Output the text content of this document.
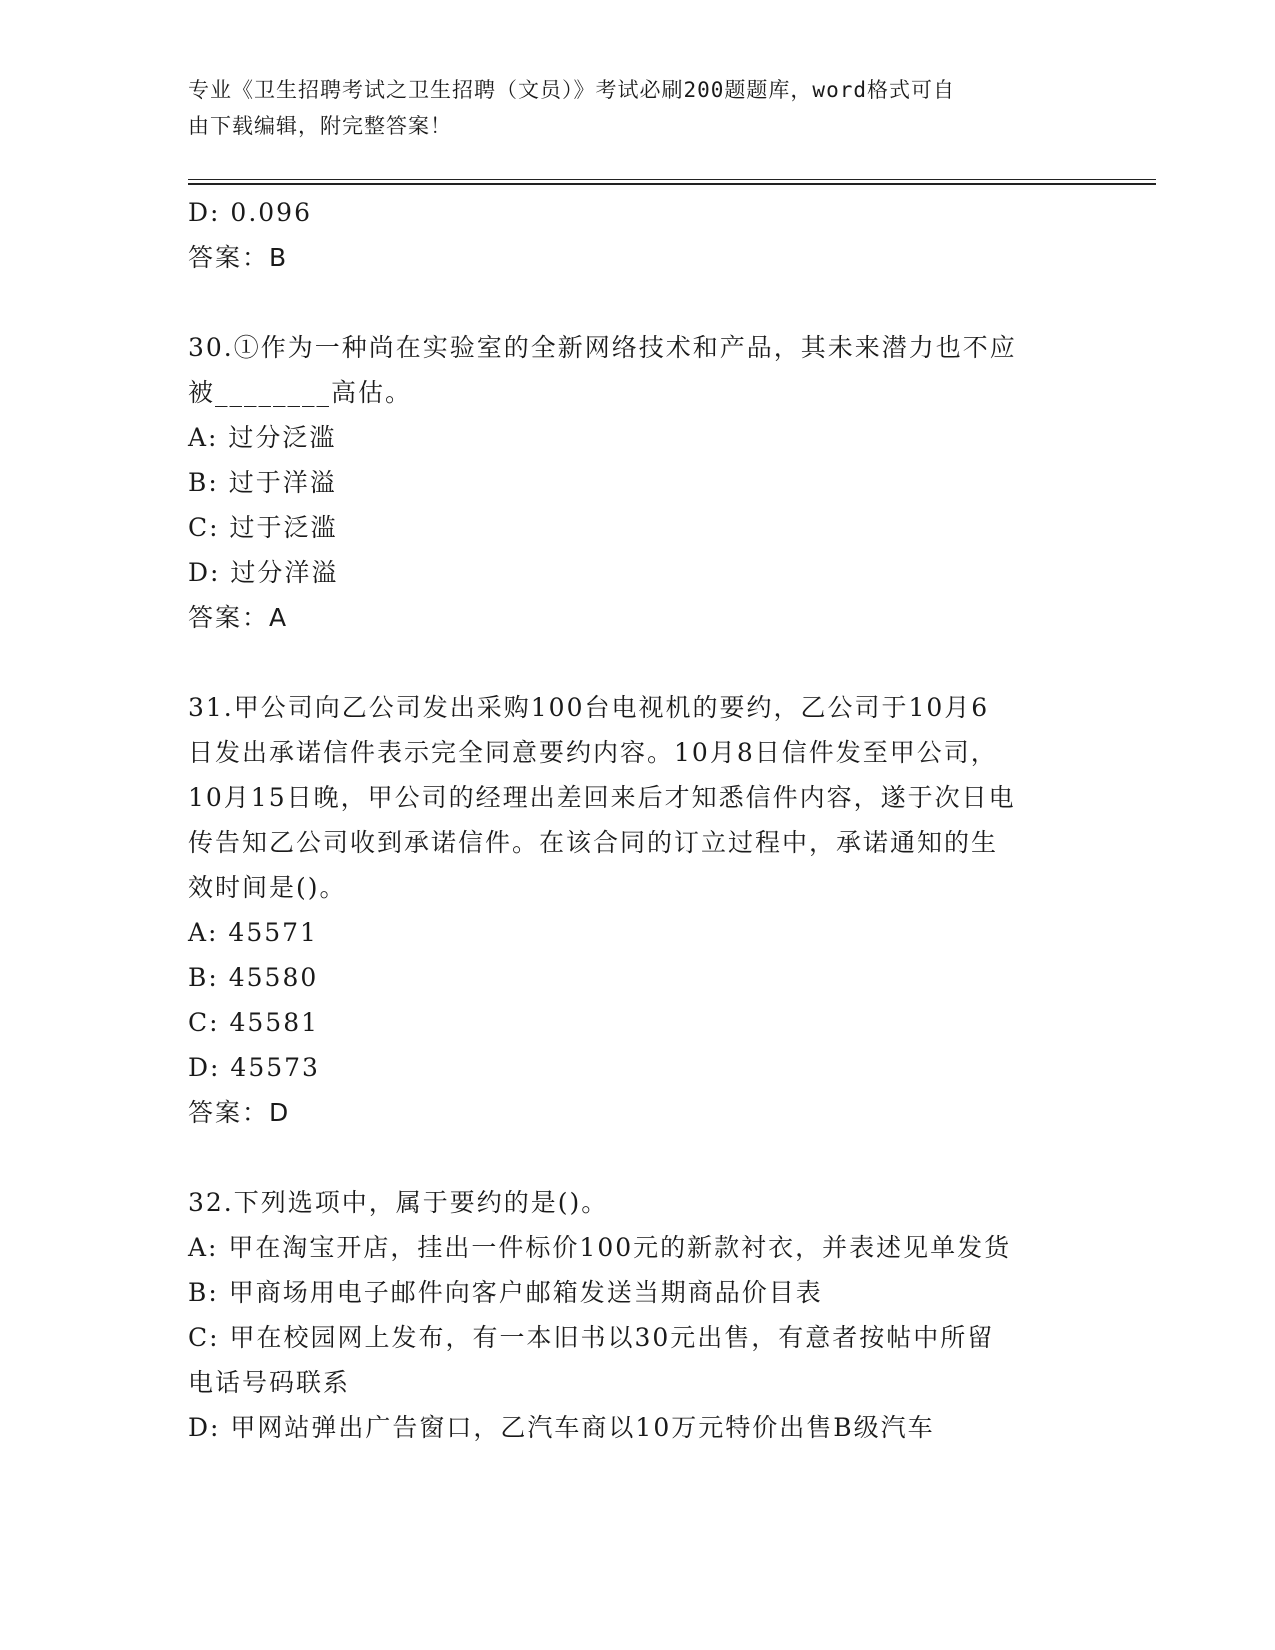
专业《卫生招聘考试之卫生招聘（文员）》考试必刷200题题库，word格式可自
由下载编辑，附完整答案！
D: 0.096
答案：B
30.①作为一种尚在实验室的全新网络技术和产品，其未来潜力也不应
被________高估。
A: 过分泛滥
B: 过于洋溢
C: 过于泛滥
D: 过分洋溢
答案：A
31.甲公司向乙公司发出采购100台电视机的要约，乙公司于10月6
日发出承诺信件表示完全同意要约内容。10月8日信件发至甲公司，
10月15日晚，甲公司的经理出差回来后才知悉信件内容，遂于次日电
传告知乙公司收到承诺信件。在该合同的订立过程中，承诺通知的生
效时间是()。
A: 45571
B: 45580
C: 45581
D: 45573
答案：D
32.下列选项中，属于要约的是()。
A: 甲在淘宝开店，挂出一件标价100元的新款衬衣，并表述见单发货
B: 甲商场用电子邮件向客户邮箱发送当期商品价目表
C: 甲在校园网上发布，有一本旧书以30元出售，有意者按帖中所留
电话号码联系
D: 甲网站弹出广告窗口，乙汽车商以10万元特价出售B级汽车
